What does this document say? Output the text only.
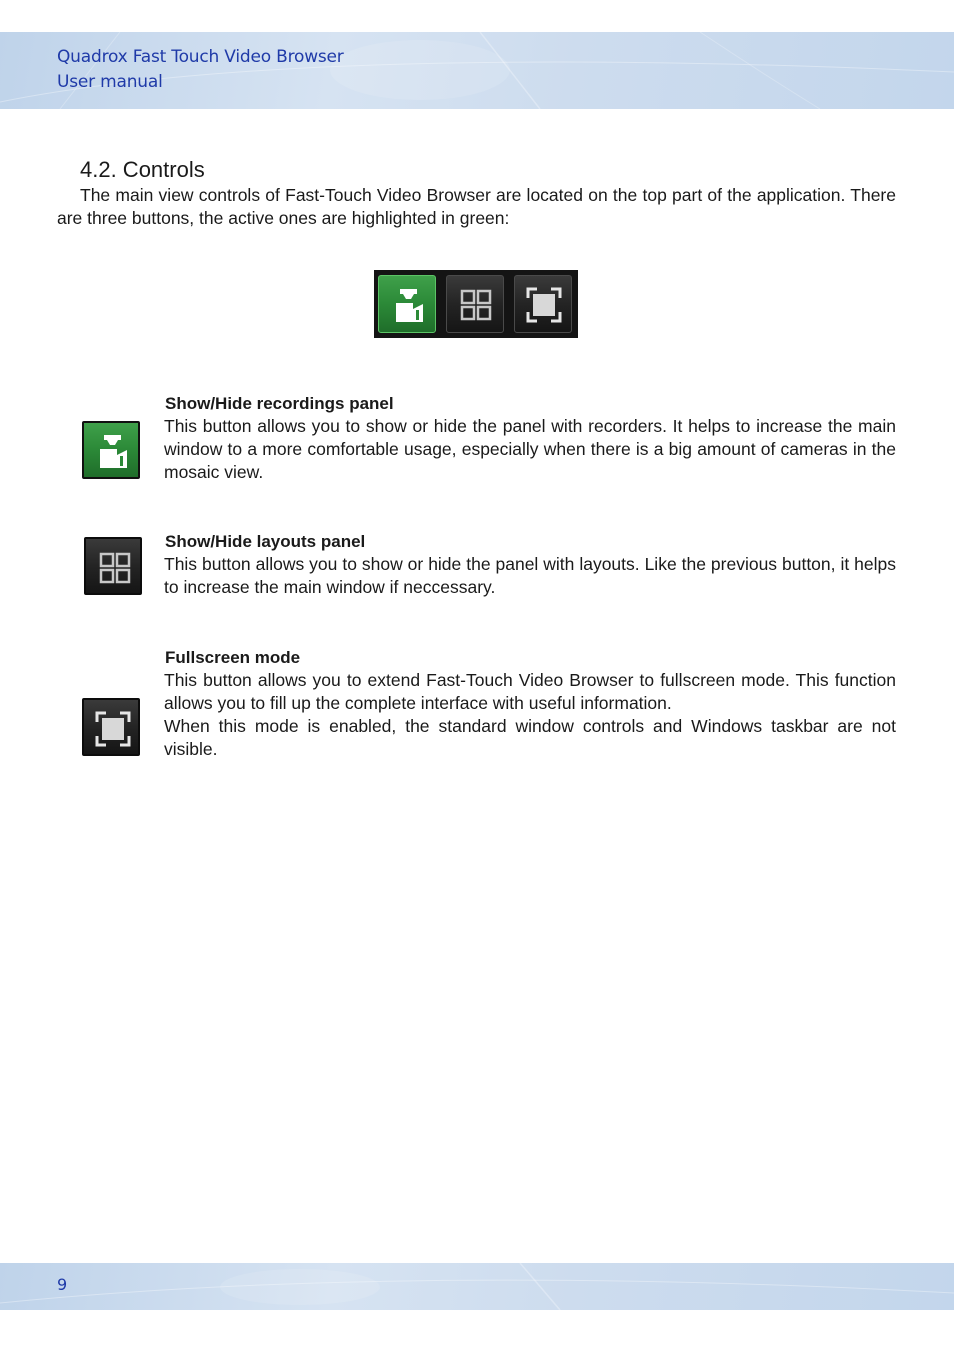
Quadrox Fast Touch Video Browser
User manual
4.2. Controls

The main view controls of Fast-Touch Video Browser are located on the top part of the application. There are three buttons, the active ones are highlighted in green:

Show/Hide recordings panel

This button allows you to show or hide the panel with recorders. It helps to increase the main window to a more comfortable usage, especially when there is a big amount of cameras in the mosaic view.

Show/Hide layouts panel

This button allows you to show or hide the panel with layouts. Like the previous button, it helps to increase the main window if neccessary.

Fullscreen mode
This button allows you to extend Fast-Touch Video Browser to fullscreen mode. This function allows you to fill up the complete interface with useful information.
When this mode is enabled, the standard window controls and Windows taskbar are not visible.
9
